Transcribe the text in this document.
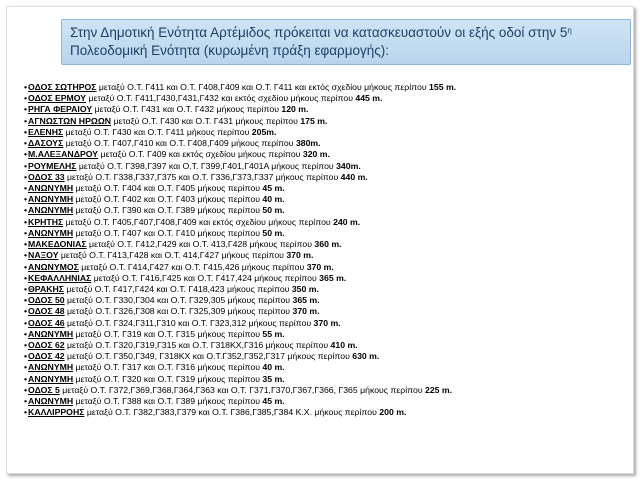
Στην Δημοτική Ενότητα Αρτέμιδος πρόκειται να κατασκευαστούν οι εξής οδοί στην $5^\eta$
Πολεοδομική Ενότητα (κυρωμένη πράξη εφαρμογής):
•ΟΔΟΣ ΣΩΤΗΡΟΣ μεταξύ Ο.Τ. Γ411 και Ο.Τ. Γ408,Γ409 και Ο.Τ. Γ411 και εκτός σχεδίου μήκους περίπου 155 m.
•ΟΔΟΣ ΕΡΜΟΥ μεταξύ Ο.Τ. Γ411,Γ430,Γ431,Γ432 και εκτός σχεδίου μήκους περίπου 445 m.
•ΡΗΓΑ ΦΕΡΑΙΟΥ μεταξύ Ο.Τ. Γ431 και Ο.Τ. Γ432 μήκους περίπου 120 m.
•ΑΓΝΩΣΤΩΝ ΗΡΩΩΝ μεταξύ Ο.Τ. Γ430 και Ο.Τ. Γ431 μήκους περίπου 175 m.
•ΕΛΕΝΗΣ μεταξύ Ο.Τ. Γ430 και Ο.Τ. Γ411 μήκους περίπου 205m.
•ΔΑΣΟΥΣ μεταξύ Ο.Τ. Γ407,Γ410 και Ο.Τ. Γ408,Γ409 μήκους περίπου 380m.
•Μ.ΑΛΕΞΑΝΔΡΟΥ μεταξύ Ο.Τ. Γ409 και εκτός σχεδίου μήκους περίπου 320 m.
•ΡΟΥΜΕΛΗΣ μεταξύ Ο.Τ. Γ398,Γ397 και Ο.Τ. Γ399,Γ401,Γ401Α μήκους περίπου 340m.
•ΟΔΟΣ 33 μεταξύ Ο.Τ. Γ338,Γ337,Γ375 και Ο.Τ. Γ336,Γ373,Γ337 μήκους περίπου 440 m.
•ΑΝΩΝΥΜΗ μεταξύ Ο.Τ. Γ404 και Ο.Τ. Γ405 μήκους περίπου 45 m.
•ΑΝΩΝΥΜΗ μεταξύ Ο.Τ. Γ402 και Ο.Τ. Γ403 μήκους περίπου 40 m.
•ΑΝΩΝΥΜΗ μεταξύ Ο.Τ. Γ390 και Ο.Τ. Γ389 μήκους περίπου 50 m.
•ΚΡΗΤΗΣ μεταξύ Ο.Τ. Γ405,Γ407,Γ408,Γ409 και εκτός σχεδίου μήκους περίπου 240 m.
•ΑΝΩΝΥΜΗ μεταξύ Ο.Τ. Γ407 και Ο.Τ. Γ410 μήκους περίπου 50 m.
•ΜΑΚΕΔΟΝΙΑΣ μεταξύ Ο.Τ. Γ412,Γ429 και Ο.Τ. 413,Γ428 μήκους περίπου 360 m.
•ΝΑΞΟΥ μεταξύ Ο.Τ. Γ413,Γ428 και Ο.Τ. 414,Γ427 μήκους περίπου 370 m.
•ΑΝΩΝΥΜΟΣ μεταξύ Ο.Τ. Γ414,Γ427 και Ο.Τ. Γ415,426 μήκους περίπου 370 m.
•ΚΕΦΑΛΛΗΝΙΑΣ μεταξύ Ο.Τ. Γ416,Γ425 και Ο.Τ. Γ417,424 μήκους περίπου 365 m.
•ΘΡΑΚΗΣ μεταξύ Ο.Τ. Γ417,Γ424 και Ο.Τ. Γ418,423 μήκους περίπου 350 m.
•ΟΔΟΣ 50 μεταξύ Ο.Τ. Γ330,Γ304 και Ο.Τ. Γ329,305 μήκους περίπου 365 m.
•ΟΔΟΣ 48 μεταξύ Ο.Τ. Γ326,Γ308 και Ο.Τ. Γ325,309 μήκους περίπου 370 m.
•ΟΔΟΣ 46 μεταξύ Ο.Τ. Γ324,Γ311,Γ310 και Ο.Τ. Γ323,312 μήκους περίπου 370 m.
•ΑΝΩΝΥΜΗ μεταξύ Ο.Τ. Γ319 και Ο.Τ. Γ315 μήκους περίπου 55 m.
•ΟΔΟΣ 62 μεταξύ Ο.Τ. Γ320,Γ319,Γ315 και Ο.Τ. Γ318ΚΧ,Γ316 μήκους περίπου 410 m.
•ΟΔΟΣ 42 μεταξύ Ο.Τ. Γ350,Γ349, Γ318ΚΧ και Ο.Τ.Γ352,Γ352,Γ317 μήκους περίπου 630 m.
•ΑΝΩΝΥΜΗ μεταξύ Ο.Τ. Γ317 και Ο.Τ. Γ316 μήκους περίπου 40 m.
•ΑΝΩΝΥΜΗ μεταξύ Ο.Τ. Γ320 και Ο.Τ. Γ319 μήκους περίπου 35 m.
•ΟΔΟΣ 5 μεταξύ Ο.Τ. Γ372,Γ369,Γ368,Γ364,Γ363 και Ο.Τ. Γ371,Γ370,Γ367,Γ366, Γ365 μήκους περίπου 225 m.
•ΑΝΩΝΥΜΗ μεταξύ Ο.Τ. Γ388 και Ο.Τ. Γ389 μήκους περίπου 45 m.
•ΚΑΛΛΙΡΡΟΗΣ μεταξύ Ο.Τ. Γ382,Γ383,Γ379 και Ο.Τ. Γ386,Γ385,Γ384 Κ.Χ. μήκους περίπου 200 m.
